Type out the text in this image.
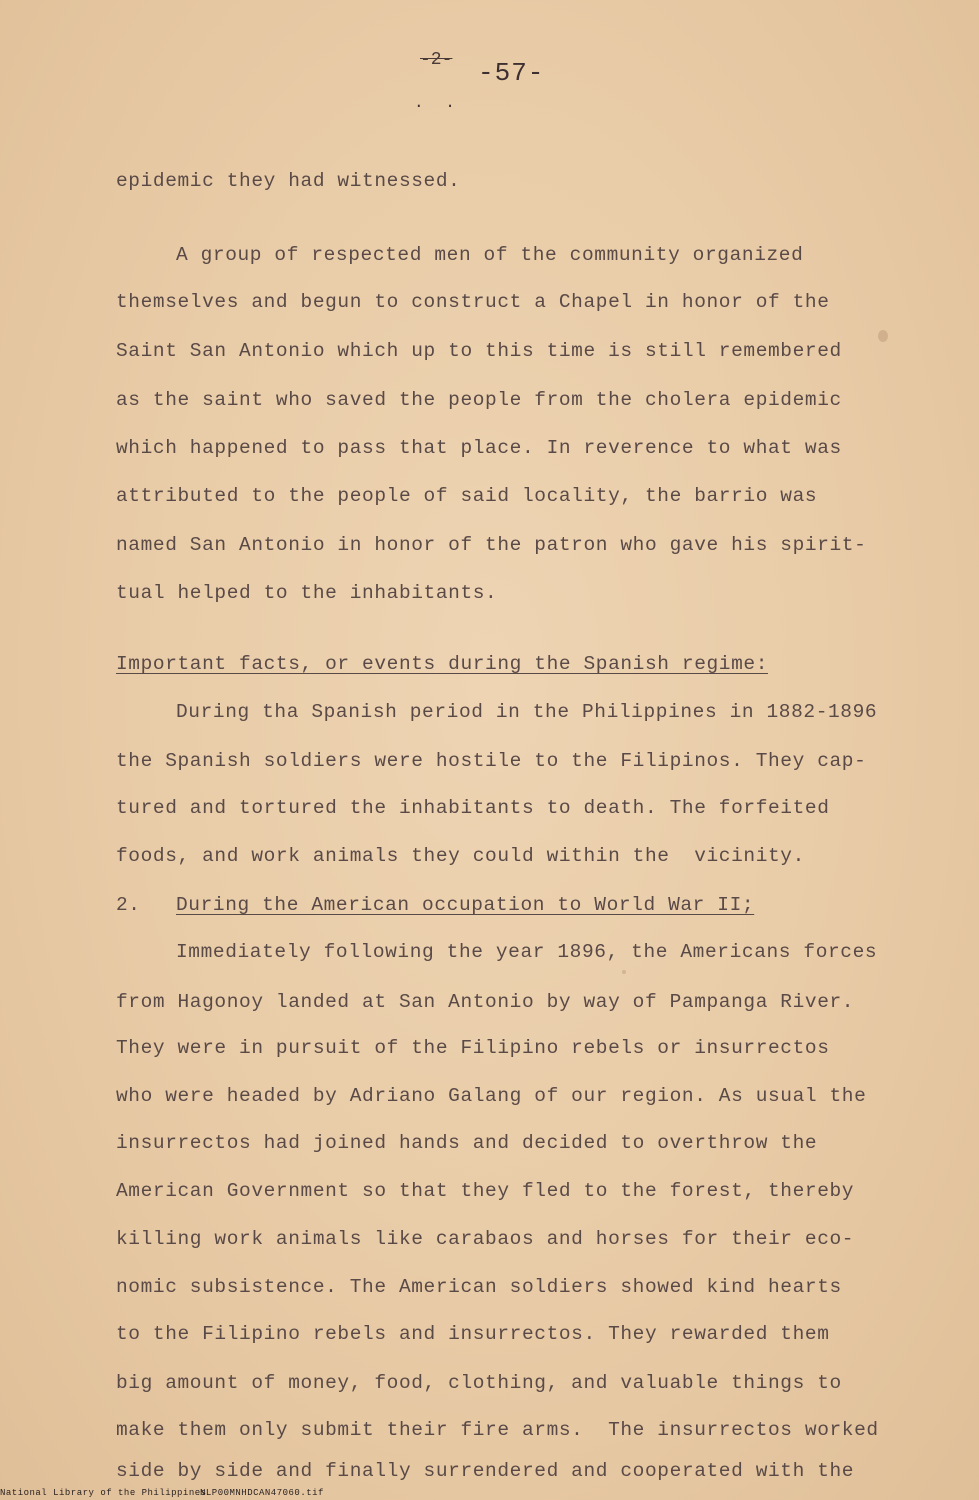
-2- -57-
. .
epidemic they had witnessed.
A group of respected men of the community organized
themselves and begun to construct a Chapel in honor of the
Saint San Antonio which up to this time is still remembered
as the saint who saved the people from the cholera epidemic
which happened to pass that place. In reverence to what was
attributed to the people of said locality, the barrio was
named San Antonio in honor of the patron who gave his spirit-
tual helped to the inhabitants.
Important facts, or events during the Spanish regime:
During tha Spanish period in the Philippines in 1882-1896
the Spanish soldiers were hostile to the Filipinos. They cap-
tured and tortured the inhabitants to death. The forfeited
foods, and work animals they could within the  vicinity.
2. During the American occupation to World War II;
Immediately following the year 1896, the Americans forces
from Hagonoy landed at San Antonio by way of Pampanga River.
They were in pursuit of the Filipino rebels or insurrectos
who were headed by Adriano Galang of our region. As usual the
insurrectos had joined hands and decided to overthrow the
American Government so that they fled to the forest, thereby
killing work animals like carabaos and horses for their eco-
nomic subsistence. The American soldiers showed kind hearts
to the Filipino rebels and insurrectos. They rewarded them
big amount of money, food, clothing, and valuable things to
make them only submit their fire arms.  The insurrectos worked
side by side and finally surrendered and cooperated with the
National Library of the Philippines
NLP00MNHDCAN47060.tif
